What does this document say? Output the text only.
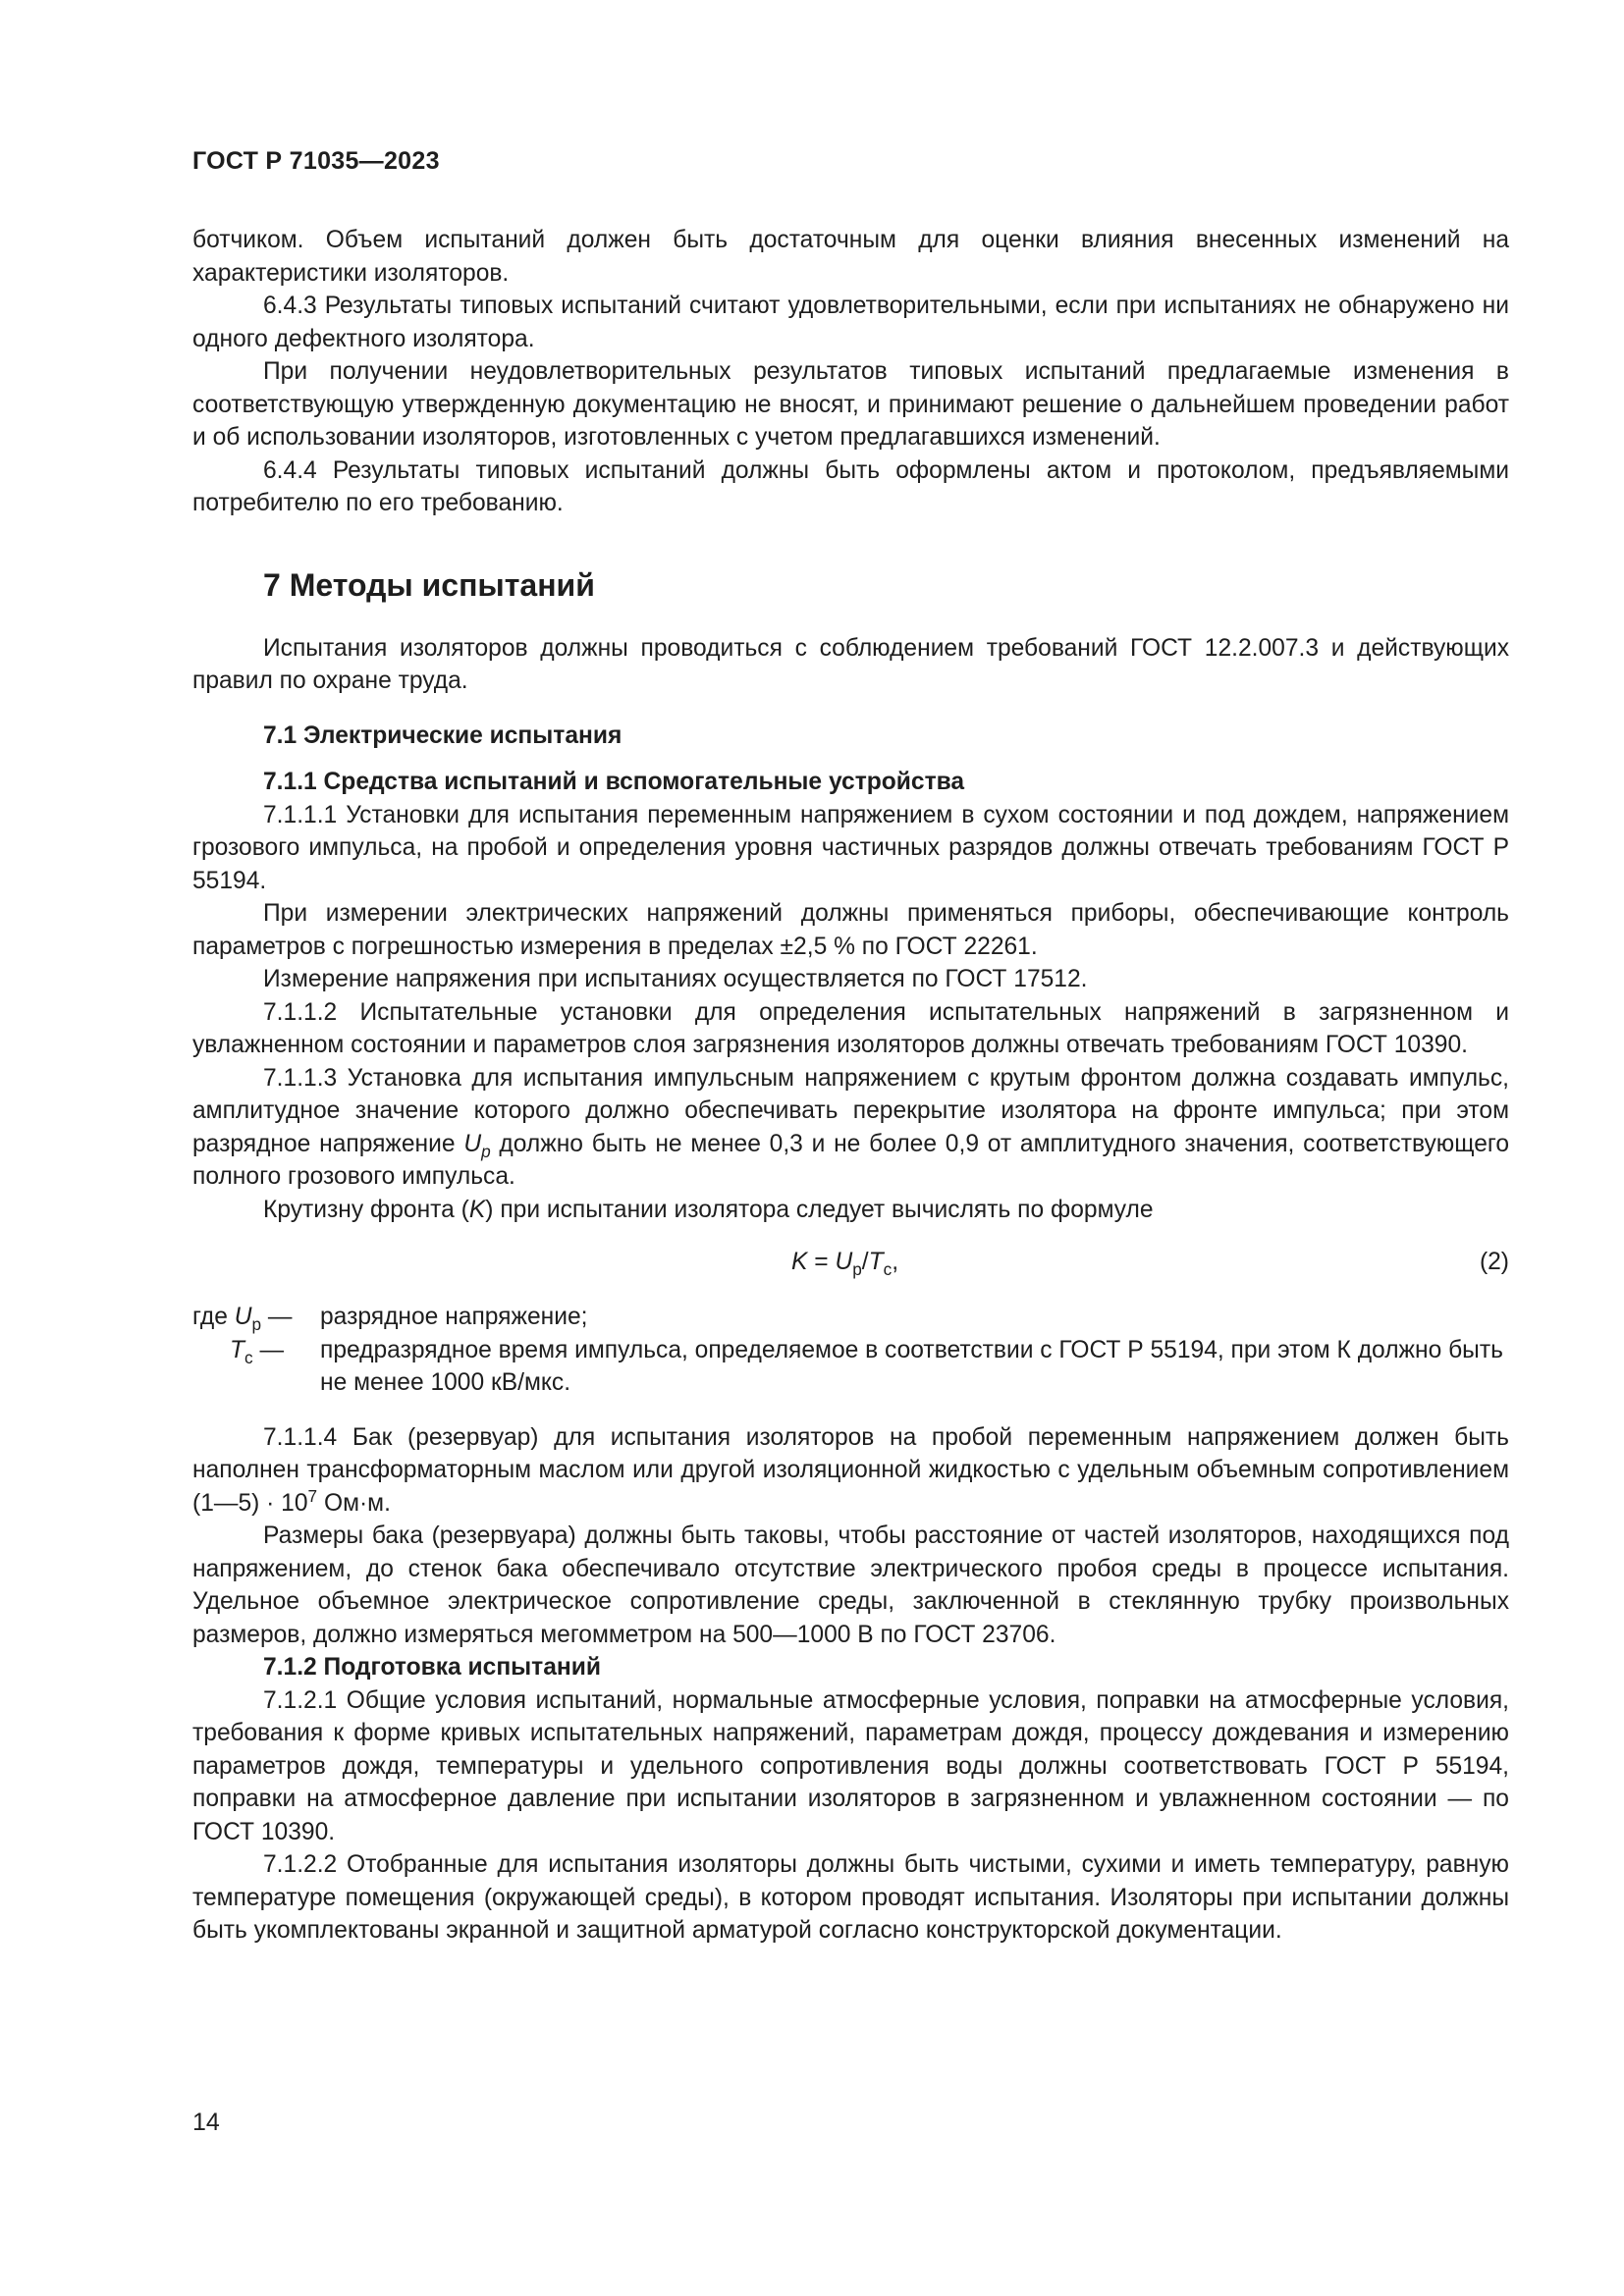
ГОСТ Р 71035—2023

ботчиком. Объем испытаний должен быть достаточным для оценки влияния внесенных изменений на характеристики изоляторов.

6.4.3 Результаты типовых испытаний считают удовлетворительными, если при испытаниях не обнаружено ни одного дефектного изолятора.

При получении неудовлетворительных результатов типовых испытаний предлагаемые изменения в соответствующую утвержденную документацию не вносят, и принимают решение о дальнейшем проведении работ и об использовании изоляторов, изготовленных с учетом предлагавшихся изменений.

6.4.4 Результаты типовых испытаний должны быть оформлены актом и протоколом, предъявляемыми потребителю по его требованию.

7 Методы испытаний

Испытания изоляторов должны проводиться с соблюдением требований ГОСТ 12.2.007.3 и действующих правил по охране труда.

7.1 Электрические испытания

7.1.1 Средства испытаний и вспомогательные устройства

7.1.1.1 Установки для испытания переменным напряжением в сухом состоянии и под дождем, напряжением грозового импульса, на пробой и определения уровня частичных разрядов должны отвечать требованиям ГОСТ Р 55194.

При измерении электрических напряжений должны применяться приборы, обеспечивающие контроль параметров с погрешностью измерения в пределах ±2,5 % по ГОСТ 22261.

Измерение напряжения при испытаниях осуществляется по ГОСТ 17512.

7.1.1.2 Испытательные установки для определения испытательных напряжений в загрязненном и увлажненном состоянии и параметров слоя загрязнения изоляторов должны отвечать требованиям ГОСТ 10390.

7.1.1.3 Установка для испытания импульсным напряжением с крутым фронтом должна создавать импульс, амплитудное значение которого должно обеспечивать перекрытие изолятора на фронте импульса; при этом разрядное напряжение $U_p$ должно быть не менее 0,3 и не более 0,9 от амплитудного значения, соответствующего полного грозового импульса.

Крутизну фронта (K) при испытании изолятора следует вычислять по формуле

$K = U_p/T_c$,	(2)
где $U_p$ —	разрядное напряжение;
$T_c$ —	предразрядное время импульса, определяемое в соответствии с ГОСТ Р 55194, при этом К должно быть не менее 1000 кВ/мкс.

7.1.1.4 Бак (резервуар) для испытания изоляторов на пробой переменным напряжением должен быть наполнен трансформаторным маслом или другой изоляционной жидкостью с удельным объемным сопротивлением (1—5) · $10^7$ Ом·м.

Размеры бака (резервуара) должны быть таковы, чтобы расстояние от частей изоляторов, находящихся под напряжением, до стенок бака обеспечивало отсутствие электрического пробоя среды в процессе испытания. Удельное объемное электрическое сопротивление среды, заключенной в стеклянную трубку произвольных размеров, должно измеряться мегомметром на 500—1000 В по ГОСТ 23706.

7.1.2 Подготовка испытаний

7.1.2.1 Общие условия испытаний, нормальные атмосферные условия, поправки на атмосферные условия, требования к форме кривых испытательных напряжений, параметрам дождя, процессу дождевания и измерению параметров дождя, температуры и удельного сопротивления воды должны соответствовать ГОСТ Р 55194, поправки на атмосферное давление при испытании изоляторов в загрязненном и увлажненном состоянии — по ГОСТ 10390.

7.1.2.2 Отобранные для испытания изоляторы должны быть чистыми, сухими и иметь температуру, равную температуре помещения (окружающей среды), в котором проводят испытания. Изоляторы при испытании должны быть укомплектованы экранной и защитной арматурой согласно конструкторской документации.

14
